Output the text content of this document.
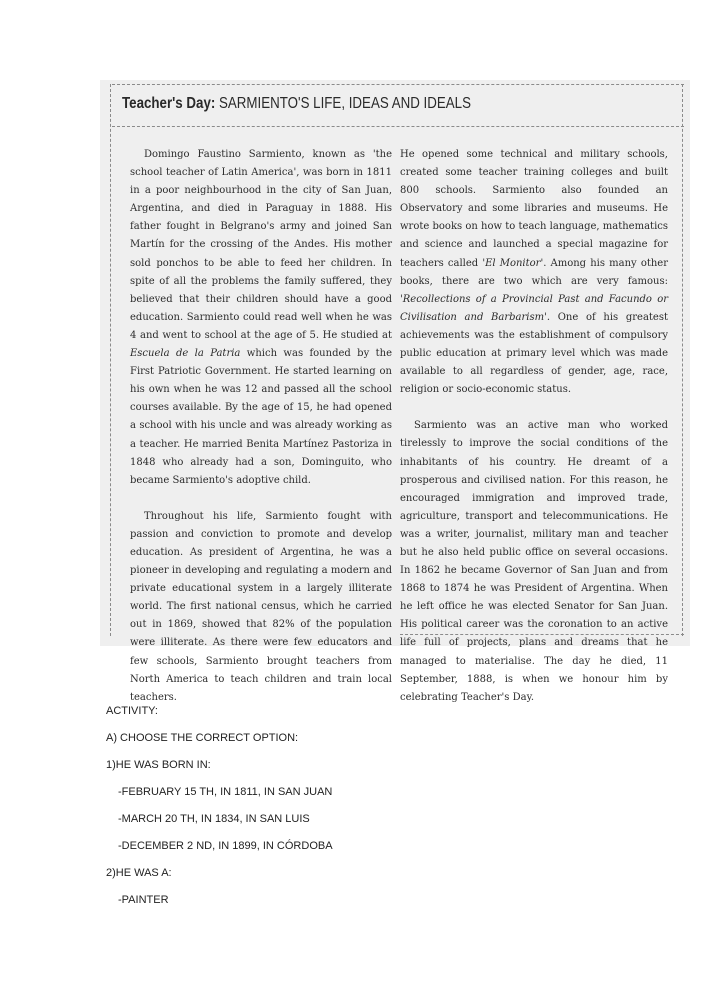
Teacher's Day: SARMIENTO'S LIFE, IDEAS AND IDEALS

Domingo Faustino Sarmiento, known as 'the school teacher of Latin America', was born in 1811 in a poor neighbourhood in the city of San Juan, Argentina, and died in Paraguay in 1888. His father fought in Belgrano's army and joined San Martín for the crossing of the Andes. His mother sold ponchos to be able to feed her children. In spite of all the problems the family suffered, they believed that their children should have a good education. Sarmiento could read well when he was 4 and went to school at the age of 5. He studied at Escuela de la Patria which was founded by the First Patriotic Government. He started learning on his own when he was 12 and passed all the school courses available. By the age of 15, he had opened a school with his uncle and was already working as a teacher. He married Benita Martínez Pastoriza in 1848 who already had a son, Dominguito, who became Sarmiento's adoptive child.

Throughout his life, Sarmiento fought with passion and conviction to promote and develop education. As president of Argentina, he was a pioneer in developing and regulating a modern and private educational system in a largely illiterate world. The first national census, which he carried out in 1869, showed that 82% of the population were illiterate. As there were few educators and few schools, Sarmiento brought teachers from North America to teach children and train local teachers.

He opened some technical and military schools, created some teacher training colleges and built 800 schools. Sarmiento also founded an Observatory and some libraries and museums. He wrote books on how to teach language, mathematics and science and launched a special magazine for teachers called 'El Monitor'. Among his many other books, there are two which are very famous: 'Recollections of a Provincial Past and Facundo or Civilisation and Barbarism'. One of his greatest achievements was the establishment of compulsory public education at primary level which was made available to all regardless of gender, age, race, religion or socio-economic status.

Sarmiento was an active man who worked tirelessly to improve the social conditions of the inhabitants of his country. He dreamt of a prosperous and civilised nation. For this reason, he encouraged immigration and improved trade, agriculture, transport and telecommunications. He was a writer, journalist, military man and teacher but he also held public office on several occasions. In 1862 he became Governor of San Juan and from 1868 to 1874 he was President of Argentina. When he left office he was elected Senator for San Juan. His political career was the coronation to an active life full of projects, plans and dreams that he managed to materialise. The day he died, 11 September, 1888, is when we honour him by celebrating Teacher's Day.

ACTIVITY:
A) CHOOSE THE CORRECT OPTION:
1)HE WAS BORN IN:
-FEBRUARY 15 TH, IN 1811, IN SAN JUAN
-MARCH 20 TH, IN 1834, IN SAN LUIS
-DECEMBER 2 ND, IN 1899, IN CÓRDOBA
2)HE WAS A:
-PAINTER
